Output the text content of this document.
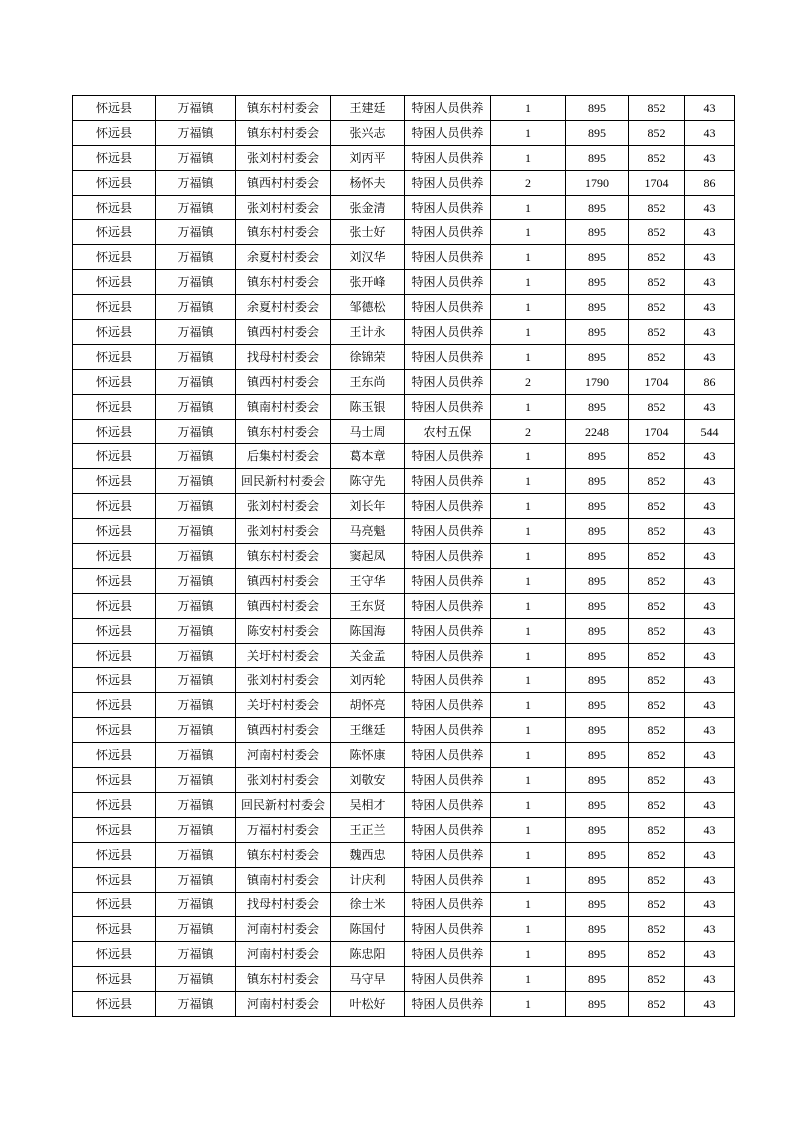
怀远县	万福镇	镇东村村委会	王建廷	特困人员供养	1	895	852	43
怀远县	万福镇	镇东村村委会	张兴志	特困人员供养	1	895	852	43
怀远县	万福镇	张刘村村委会	刘丙平	特困人员供养	1	895	852	43
怀远县	万福镇	镇西村村委会	杨怀夫	特困人员供养	2	1790	1704	86
怀远县	万福镇	张刘村村委会	张金清	特困人员供养	1	895	852	43
怀远县	万福镇	镇东村村委会	张士好	特困人员供养	1	895	852	43
怀远县	万福镇	余夏村村委会	刘汉华	特困人员供养	1	895	852	43
怀远县	万福镇	镇东村村委会	张开峰	特困人员供养	1	895	852	43
怀远县	万福镇	余夏村村委会	邹德松	特困人员供养	1	895	852	43
怀远县	万福镇	镇西村村委会	王计永	特困人员供养	1	895	852	43
怀远县	万福镇	找母村村委会	徐锦荣	特困人员供养	1	895	852	43
怀远县	万福镇	镇西村村委会	王东尚	特困人员供养	2	1790	1704	86
怀远县	万福镇	镇南村村委会	陈玉银	特困人员供养	1	895	852	43
怀远县	万福镇	镇东村村委会	马士周	农村五保	2	2248	1704	544
怀远县	万福镇	后集村村委会	葛本章	特困人员供养	1	895	852	43
怀远县	万福镇	回民新村村委会	陈守先	特困人员供养	1	895	852	43
怀远县	万福镇	张刘村村委会	刘长年	特困人员供养	1	895	852	43
怀远县	万福镇	张刘村村委会	马亮魁	特困人员供养	1	895	852	43
怀远县	万福镇	镇东村村委会	窦起凤	特困人员供养	1	895	852	43
怀远县	万福镇	镇西村村委会	王守华	特困人员供养	1	895	852	43
怀远县	万福镇	镇西村村委会	王东贤	特困人员供养	1	895	852	43
怀远县	万福镇	陈安村村委会	陈国海	特困人员供养	1	895	852	43
怀远县	万福镇	关圩村村委会	关金孟	特困人员供养	1	895	852	43
怀远县	万福镇	张刘村村委会	刘丙轮	特困人员供养	1	895	852	43
怀远县	万福镇	关圩村村委会	胡怀亮	特困人员供养	1	895	852	43
怀远县	万福镇	镇西村村委会	王继廷	特困人员供养	1	895	852	43
怀远县	万福镇	河南村村委会	陈怀康	特困人员供养	1	895	852	43
怀远县	万福镇	张刘村村委会	刘敬安	特困人员供养	1	895	852	43
怀远县	万福镇	回民新村村委会	吴相才	特困人员供养	1	895	852	43
怀远县	万福镇	万福村村委会	王正兰	特困人员供养	1	895	852	43
怀远县	万福镇	镇东村村委会	魏西忠	特困人员供养	1	895	852	43
怀远县	万福镇	镇南村村委会	计庆利	特困人员供养	1	895	852	43
怀远县	万福镇	找母村村委会	徐士米	特困人员供养	1	895	852	43
怀远县	万福镇	河南村村委会	陈国付	特困人员供养	1	895	852	43
怀远县	万福镇	河南村村委会	陈忠阳	特困人员供养	1	895	852	43
怀远县	万福镇	镇东村村委会	马守早	特困人员供养	1	895	852	43
怀远县	万福镇	河南村村委会	叶松好	特困人员供养	1	895	852	43
